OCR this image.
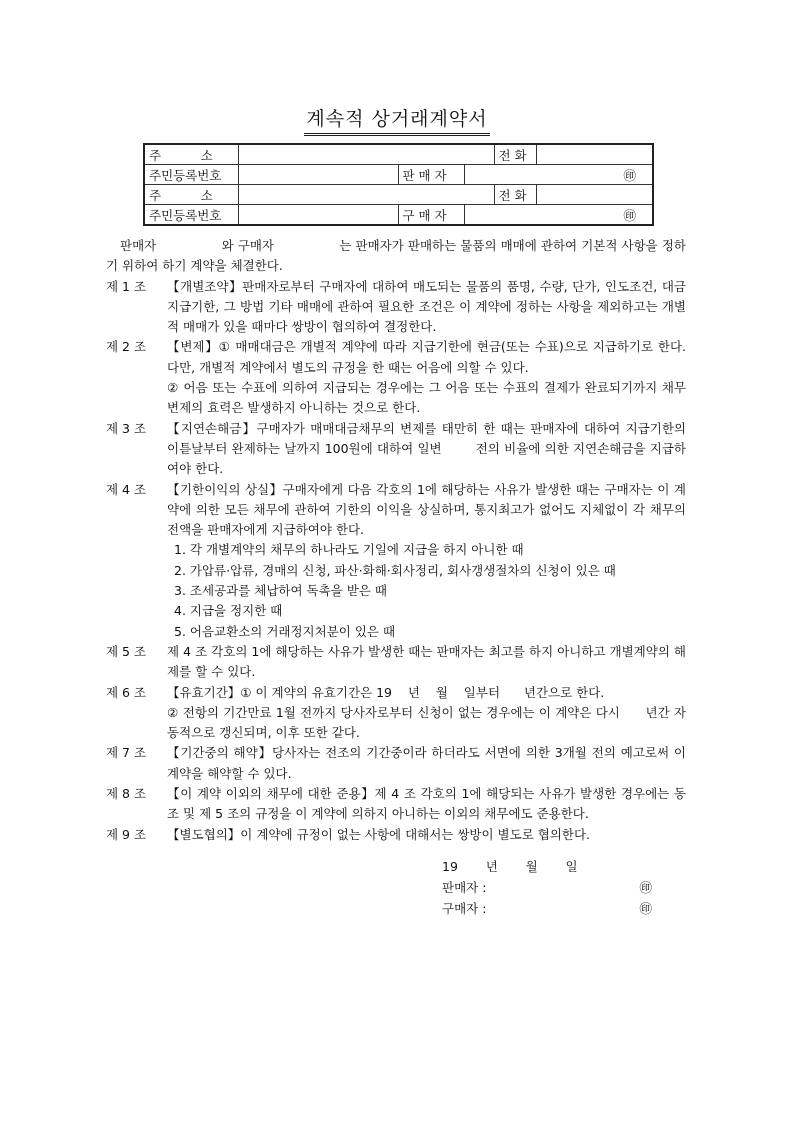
계속적 상거래계약서
주          소				전 화	
주민등록번호		판 매 자	㊞		
주          소				전 화	
주민등록번호		구 매 자	㊞		
판매자                와 구매자                는 판매자가 판매하는 물품의 매매에 관하여 기본적 사항을 정하기 위하여 하기 계약을 체결한다.
제 1 조	【개별조약】판매자로부터 구매자에 대하여 매도되는 물품의 품명, 수량, 단가, 인도조건, 대금지급기한, 그 방법 기타 매매에 관하여 필요한 조건은 이 계약에 정하는 사항을 제외하고는 개별적 매매가 있을 때마다 쌍방이 협의하여 결정한다.
제 2 조	【변제】① 매매대금은 개별적 계약에 따라 지급기한에 현금(또는 수표)으로 지급하기로 한다. 다만, 개별적 계약에서 별도의 규정을 한 때는 어음에 의할 수 있다.
② 어음 또는 수표에 의하여 지급되는 경우에는 그 어음 또는 수표의 결제가 완료되기까지 채무변제의 효력은 발생하지 아니하는 것으로 한다.
제 3 조	【지연손해금】구매자가 매매대금채무의 변제를 태만히 한 때는 판매자에 대하여 지급기한의 이튿날부터 완제하는 날까지 100원에 대하여 일변        전의 비율에 의한 지연손해금을 지급하여야 한다.
제 4 조	【기한이익의 상실】구매자에게 다음 각호의 1에 해당하는 사유가 발생한 때는 구매자는 이 계약에 의한 모든 채무에 관하여 기한의 이익을 상실하며, 통지최고가 없어도 지체없이 각 채무의 전액을 판매자에게 지급하여야 한다.
1. 각 개별계약의 채무의 하나라도 기일에 지급을 하지 아니한 때
2. 가압류·압류, 경매의 신청, 파산·화해·회사정리, 회사갱생절차의 신청이 있은 때
3. 조세공과를 체납하여 독촉을 받은 때
4. 지급을 정지한 때
5. 어음교환소의 거래정지처분이 있은 때
제 5 조	제 4 조 각호의 1에 해당하는 사유가 발생한 때는 판매자는 최고를 하지 아니하고 개별계약의 해제를 할 수 있다.
제 6 조	【유효기간】① 이 계약의 유효기간은 19    년    월    일부터      년간으로 한다.
② 전항의 기간만료 1월 전까지 당사자로부터 신청이 없는 경우에는 이 계약은 다시      년간 자동적으로 갱신되며, 이후 또한 같다.
제 7 조	【기간중의 해약】당사자는 전조의 기간중이라 하더라도 서면에 의한 3개월 전의 예고로써 이 계약을 해약할 수 있다.
제 8 조	【이 계약 이외의 채무에 대한 준용】제 4 조 각호의 1에 해당되는 사유가 발생한 경우에는 동조 및 제 5 조의 규정을 이 계약에 의하지 아니하는 이외의 채무에도 준용한다.
제 9 조	【별도협의】이 계약에 규정이 없는 사항에 대해서는 쌍방이 별도로 협의한다.
19       년       월       일
판매자 :	㊞
구매자 :	㊞
